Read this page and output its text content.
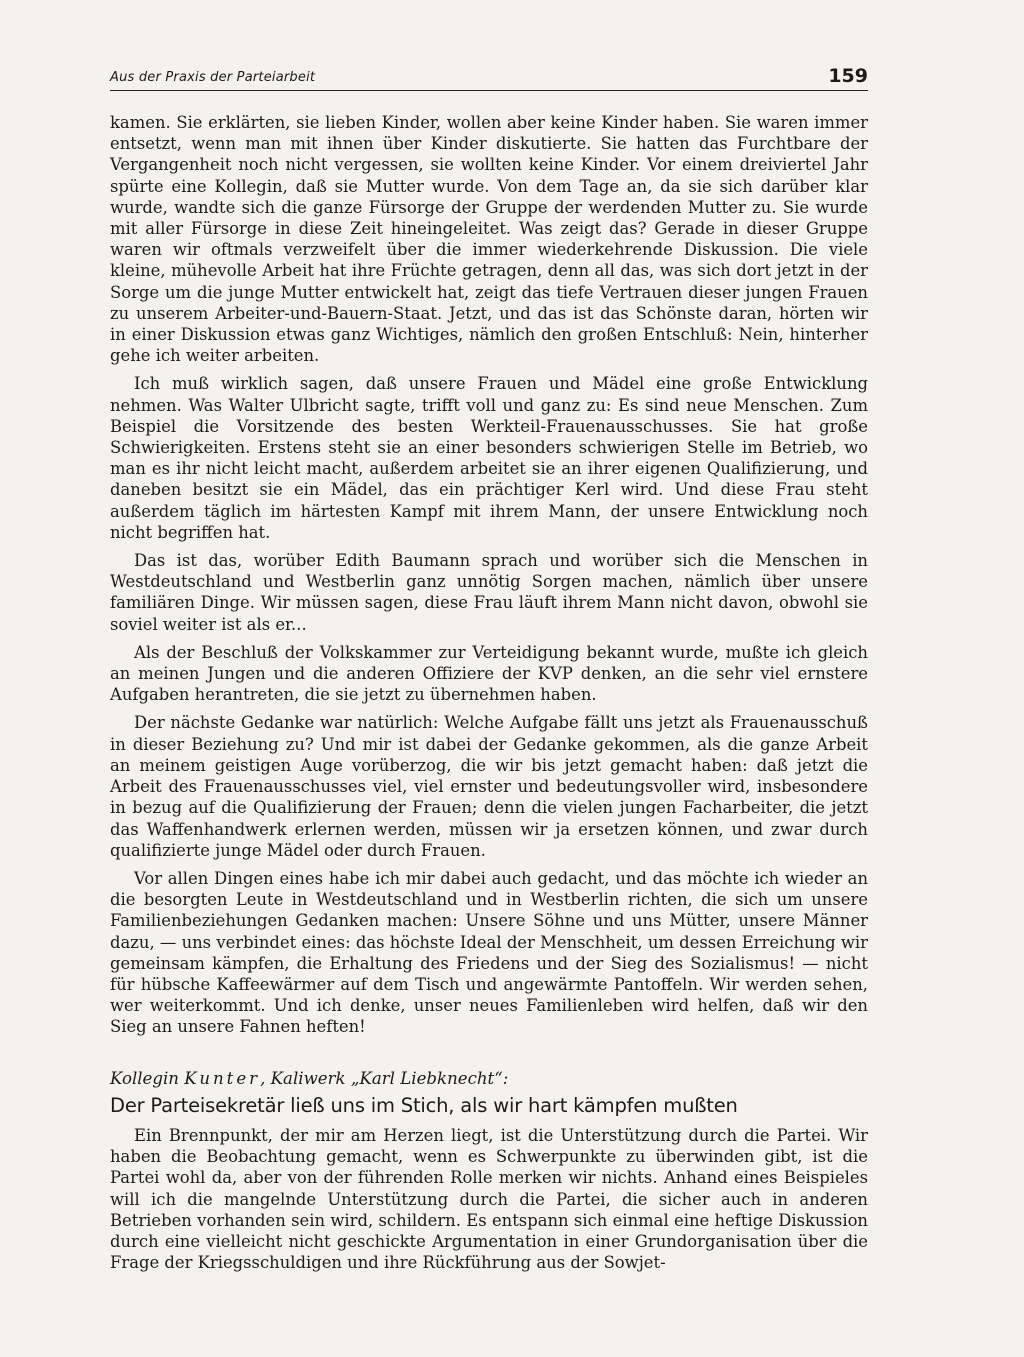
Aus der Praxis der Parteiarbeit	159

kamen. Sie erklärten, sie lieben Kinder, wollen aber keine Kinder haben. Sie waren immer entsetzt, wenn man mit ihnen über Kinder diskutierte. Sie hatten das Furchtbare der Vergangenheit noch nicht vergessen, sie wollten keine Kinder. Vor einem dreiviertel Jahr spürte eine Kollegin, daß sie Mutter wurde. Von dem Tage an, da sie sich darüber klar wurde, wandte sich die ganze Fürsorge der Gruppe der werdenden Mutter zu. Sie wurde mit aller Fürsorge in diese Zeit hineingeleitet. Was zeigt das? Gerade in dieser Gruppe waren wir oftmals verzweifelt über die immer wiederkehrende Diskussion. Die viele kleine, mühevolle Arbeit hat ihre Früchte getragen, denn all das, was sich dort jetzt in der Sorge um die junge Mutter entwickelt hat, zeigt das tiefe Vertrauen dieser jungen Frauen zu unserem Arbeiter-und-Bauern-Staat. Jetzt, und das ist das Schönste daran, hörten wir in einer Diskussion etwas ganz Wichtiges, nämlich den großen Entschluß: Nein, hinterher gehe ich weiter arbeiten.

Ich muß wirklich sagen, daß unsere Frauen und Mädel eine große Entwicklung nehmen. Was Walter Ulbricht sagte, trifft voll und ganz zu: Es sind neue Menschen. Zum Beispiel die Vorsitzende des besten Werkteil-Frauenausschusses. Sie hat große Schwierigkeiten. Erstens steht sie an einer besonders schwierigen Stelle im Betrieb, wo man es ihr nicht leicht macht, außerdem arbeitet sie an ihrer eigenen Qualifizierung, und daneben besitzt sie ein Mädel, das ein prächtiger Kerl wird. Und diese Frau steht außerdem täglich im härtesten Kampf mit ihrem Mann, der unsere Entwicklung noch nicht begriffen hat.

Das ist das, worüber Edith Baumann sprach und worüber sich die Menschen in Westdeutschland und Westberlin ganz unnötig Sorgen machen, nämlich über unsere familiären Dinge. Wir müssen sagen, diese Frau läuft ihrem Mann nicht davon, obwohl sie soviel weiter ist als er...

Als der Beschluß der Volkskammer zur Verteidigung bekannt wurde, mußte ich gleich an meinen Jungen und die anderen Offiziere der KVP denken, an die sehr viel ernstere Aufgaben herantreten, die sie jetzt zu übernehmen haben.

Der nächste Gedanke war natürlich: Welche Aufgabe fällt uns jetzt als Frauenausschuß in dieser Beziehung zu? Und mir ist dabei der Gedanke gekommen, als die ganze Arbeit an meinem geistigen Auge vorüberzog, die wir bis jetzt gemacht haben: daß jetzt die Arbeit des Frauenausschusses viel, viel ernster und bedeutungsvoller wird, insbesondere in bezug auf die Qualifizierung der Frauen; denn die vielen jungen Facharbeiter, die jetzt das Waffenhandwerk erlernen werden, müssen wir ja ersetzen können, und zwar durch qualifizierte junge Mädel oder durch Frauen.

Vor allen Dingen eines habe ich mir dabei auch gedacht, und das möchte ich wieder an die besorgten Leute in Westdeutschland und in Westberlin richten, die sich um unsere Familienbeziehungen Gedanken machen: Unsere Söhne und uns Mütter, unsere Männer dazu, — uns verbindet eines: das höchste Ideal der Menschheit, um dessen Erreichung wir gemeinsam kämpfen, die Erhaltung des Friedens und der Sieg des Sozialismus! — nicht für hübsche Kaffeewärmer auf dem Tisch und angewärmte Pantoffeln. Wir werden sehen, wer weiterkommt. Und ich denke, unser neues Familienleben wird helfen, daß wir den Sieg an unsere Fahnen heften!

Kollegin Kunter, Kaliwerk „Karl Liebknecht“:
Der Parteisekretär ließ uns im Stich, als wir hart kämpfen mußten

Ein Brennpunkt, der mir am Herzen liegt, ist die Unterstützung durch die Partei. Wir haben die Beobachtung gemacht, wenn es Schwerpunkte zu überwinden gibt, ist die Partei wohl da, aber von der führenden Rolle merken wir nichts. Anhand eines Beispieles will ich die mangelnde Unterstützung durch die Partei, die sicher auch in anderen Betrieben vorhanden sein wird, schildern. Es entspann sich einmal eine heftige Diskussion durch eine vielleicht nicht geschickte Argumentation in einer Grundorganisation über die Frage der Kriegsschuldigen und ihre Rückführung aus der Sowjet-
